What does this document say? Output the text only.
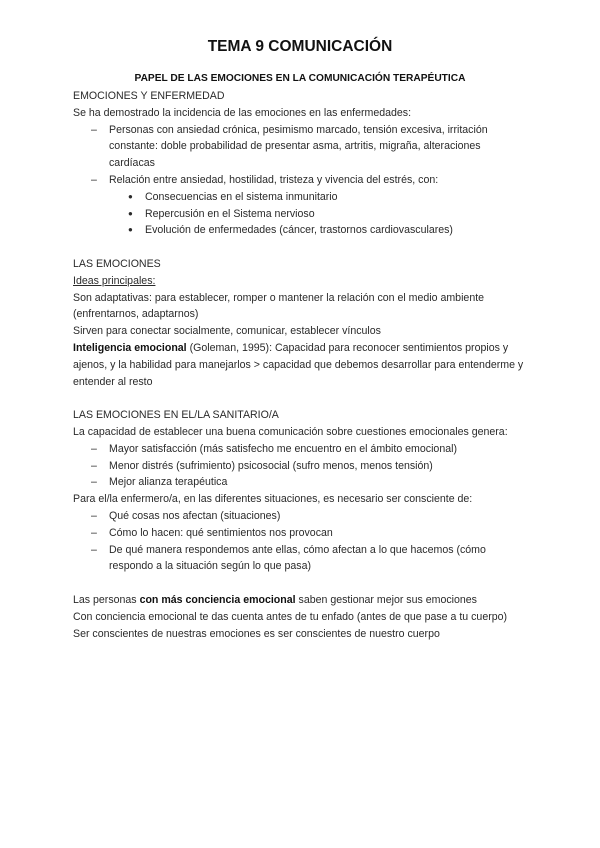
TEMA 9 COMUNICACIÓN
PAPEL DE LAS EMOCIONES EN LA COMUNICACIÓN TERAPÉUTICA

EMOCIONES Y ENFERMEDAD

Se ha demostrado la incidencia de las emociones en las enfermedades:

– Personas con ansiedad crónica, pesimismo marcado, tensión excesiva, irritación constante: doble probabilidad de presentar asma, artritis, migraña, alteraciones cardíacas
– Relación entre ansiedad, hostilidad, tristeza y vivencia del estrés, con:
● Consecuencias en el sistema inmunitario
● Repercusión en el Sistema nervioso
● Evolución de enfermedades (cáncer, trastornos cardiovasculares)

LAS EMOCIONES

Ideas principales:

Son adaptativas: para establecer, romper o mantener la relación con el medio ambiente (enfrentarnos, adaptarnos)

Sirven para conectar socialmente, comunicar, establecer vínculos

Inteligencia emocional (Goleman, 1995): Capacidad para reconocer sentimientos propios y ajenos, y la habilidad para manejarlos > capacidad que debemos desarrollar para entenderme y entender al resto

LAS EMOCIONES EN EL/LA SANITARIO/A

La capacidad de establecer una buena comunicación sobre cuestiones emocionales genera:

– Mayor satisfacción (más satisfecho me encuentro en el ámbito emocional)
– Menor distrés (sufrimiento) psicosocial (sufro menos, menos tensión)
– Mejor alianza terapéutica

Para el/la enfermero/a, en las diferentes situaciones, es necesario ser consciente de:

– Qué cosas nos afectan (situaciones)
– Cómo lo hacen: qué sentimientos nos provocan
– De qué manera respondemos ante ellas, cómo afectan a lo que hacemos (cómo respondo a la situación según lo que pasa)

Las personas con más conciencia emocional saben gestionar mejor sus emociones

Con conciencia emocional te das cuenta antes de tu enfado (antes de que pase a tu cuerpo)

Ser conscientes de nuestras emociones es ser conscientes de nuestro cuerpo
